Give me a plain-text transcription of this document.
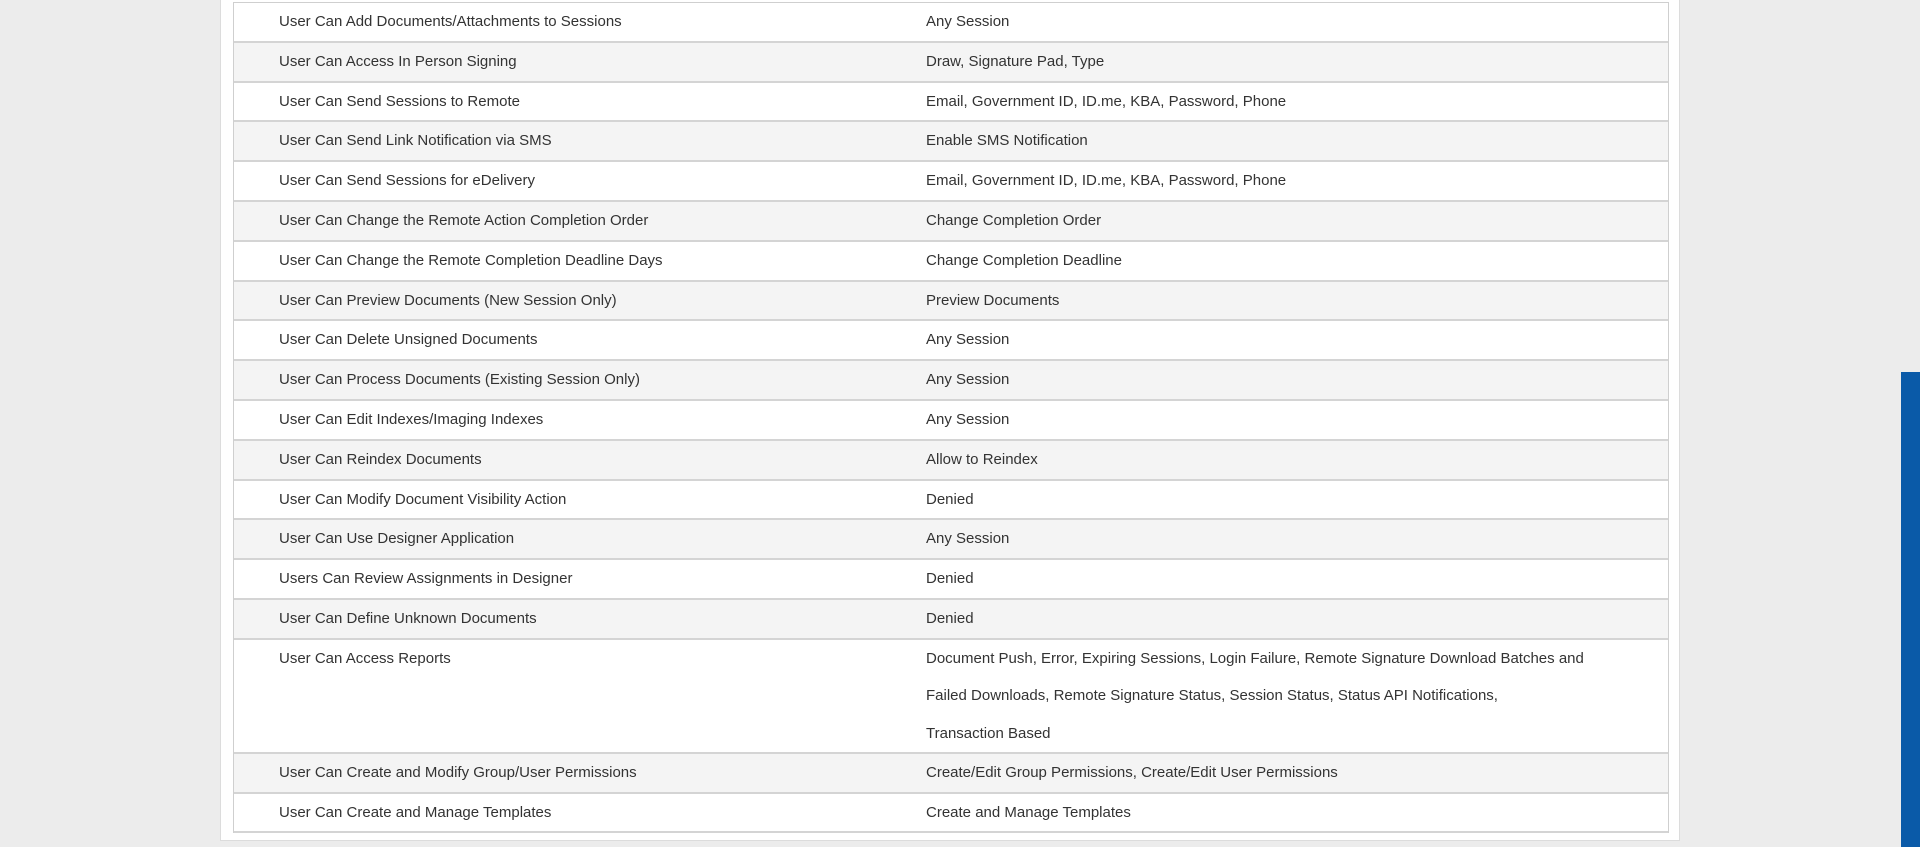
User Can Add Documents/Attachments to Sessions	Any Session
User Can Access In Person Signing	Draw, Signature Pad, Type
User Can Send Sessions to Remote	Email, Government ID, ID.me, KBA, Password, Phone
User Can Send Link Notification via SMS	Enable SMS Notification
User Can Send Sessions for eDelivery	Email, Government ID, ID.me, KBA, Password, Phone
User Can Change the Remote Action Completion Order	Change Completion Order
User Can Change the Remote Completion Deadline Days	Change Completion Deadline
User Can Preview Documents (New Session Only)	Preview Documents
User Can Delete Unsigned Documents	Any Session
User Can Process Documents (Existing Session Only)	Any Session
User Can Edit Indexes/Imaging Indexes	Any Session
User Can Reindex Documents	Allow to Reindex
User Can Modify Document Visibility Action	Denied
User Can Use Designer Application	Any Session
Users Can Review Assignments in Designer	Denied
User Can Define Unknown Documents	Denied
User Can Access Reports	Document Push, Error, Expiring Sessions, Login Failure, Remote Signature Download Batches and
Failed Downloads, Remote Signature Status, Session Status, Status API Notifications,
Transaction Based
User Can Create and Modify Group/User Permissions	Create/Edit Group Permissions, Create/Edit User Permissions
User Can Create and Manage Templates	Create and Manage Templates
